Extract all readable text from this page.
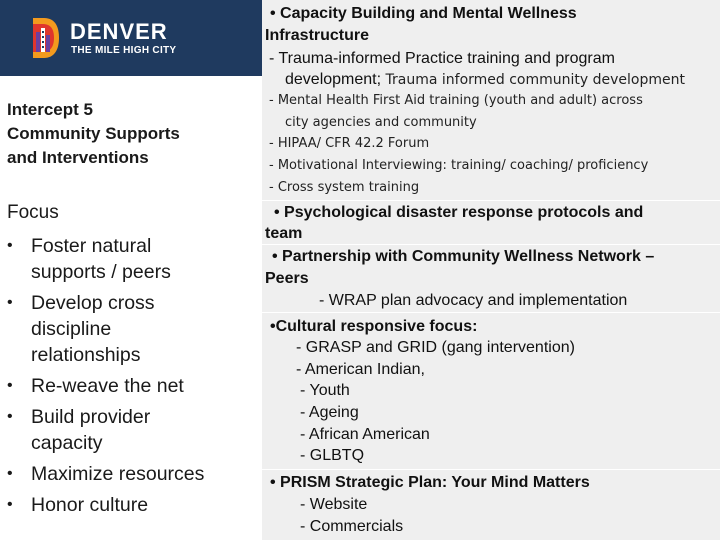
DENVER
THE MILE HIGH CITY
Intercept 5
Community Supports
and Interventions
Focus
• Foster natural
supports / peers
• Develop cross
discipline
relationships
• Re-weave the net
• Build provider
capacity
• Maximize resources
• Honor culture
• Capacity Building and Mental Wellness
Infrastructure
- Trauma-informed Practice training and program
development; Trauma informed community development
- Mental Health First Aid training (youth and adult) across
city agencies and community
- HIPAA/ CFR 42.2 Forum
- Motivational Interviewing: training/ coaching/ proficiency
- Cross system training
• Psychological disaster response protocols and
team
• Partnership with Community Wellness Network –
Peers
- WRAP plan advocacy and implementation
•Cultural responsive focus:
- GRASP and GRID (gang intervention)
- American Indian,
- Youth
- Ageing
- African American
- GLBTQ
• PRISM Strategic Plan: Your Mind Matters
- Website
- Commercials
